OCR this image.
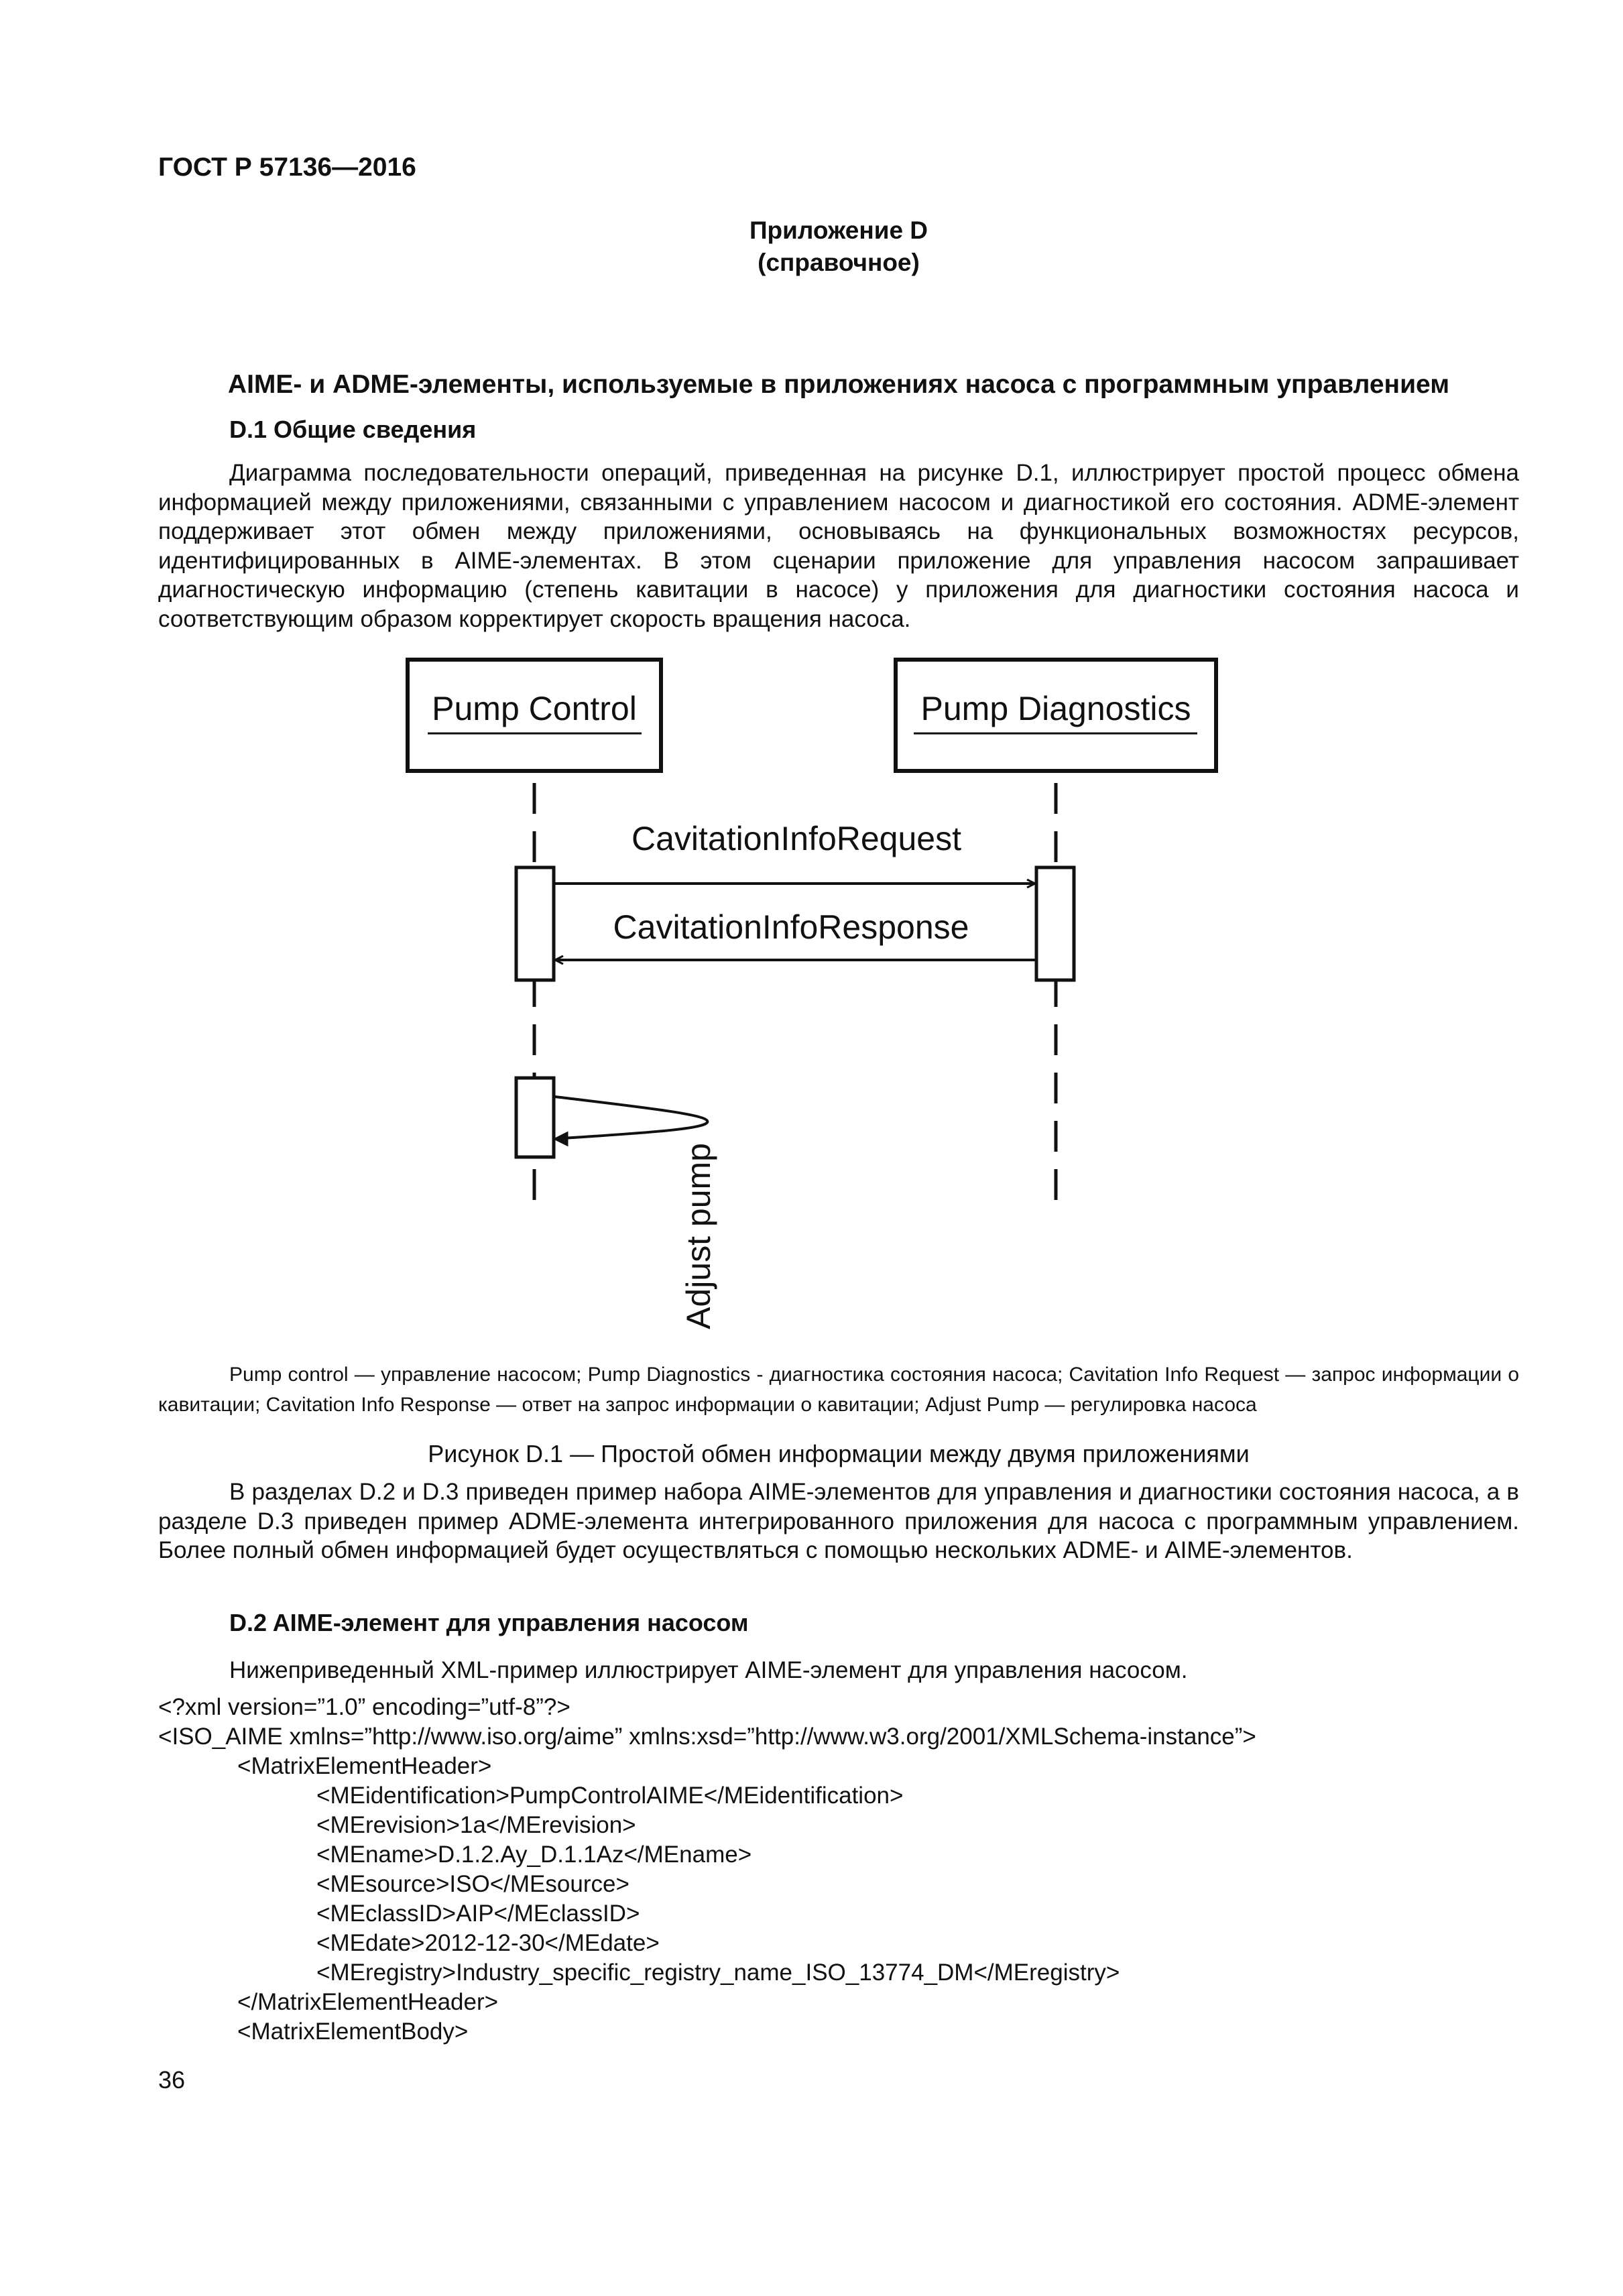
ГОСТ Р 57136—2016
Приложение D
(справочное)
AIME- и ADME-элементы, используемые в приложениях насоса с программным управлением
D.1 Общие сведения

Диаграмма последовательности операций, приведенная на рисунке D.1, иллюстрирует простой процесс обмена информацией между приложениями, связанными с управлением насосом и диагностикой его состояния. ADME-элемент поддерживает этот обмен между приложениями, основываясь на функциональных возможностях ресурсов, идентифицированных в AIME-элементах. В этом сценарии приложение для управления насосом запрашивает диагностическую информацию (степень кавитации в насосе) у приложения для диагностики состояния насоса и соответствующим образом корректирует скорость вращения насоса.

Pump Control	Pump Diagnostics
CavitationInfoRequest
CavitationInfoResponse
Adjust pump

Pump control — управление насосом; Pump Diagnostics - диагностика состояния насоса; Cavitation Info Request — запрос информации о кавитации; Cavitation Info Response — ответ на запрос информации о кавитации; Adjust Pump — регулировка насоса

Рисунок D.1 — Простой обмен информации между двумя приложениями

В разделах D.2 и D.3 приведен пример набора AIME-элементов для управления и диагностики состояния насоса, а в разделе D.3 приведен пример ADME-элемента интегрированного приложения для насоса с программным управлением. Более полный обмен информацией будет осуществляться с помощью нескольких ADME- и AIME-элементов.

D.2 AIME-элемент для управления насосом

Нижеприведенный XML-пример иллюстрирует AIME-элемент для управления насосом.

<?xml version=”1.0” encoding=”utf-8”?>
<ISO_AIME xmlns=”http://www.iso.org/aime” xmlns:xsd=”http://www.w3.org/2001/XMLSchema-instance”>
<MatrixElementHeader>
<MEidentification>PumpControlAIME</MEidentification>
<MErevision>1a</MErevision>
<MEname>D.1.2.Ay_D.1.1Az</MEname>
<MEsource>ISO</MEsource>
<MEclassID>AIP</MEclassID>
<MEdate>2012-12-30</MEdate>
<MEregistry>Industry_specific_registry_name_ISO_13774_DM</MEregistry>
</MatrixElementHeader>
<MatrixElementBody>
36
